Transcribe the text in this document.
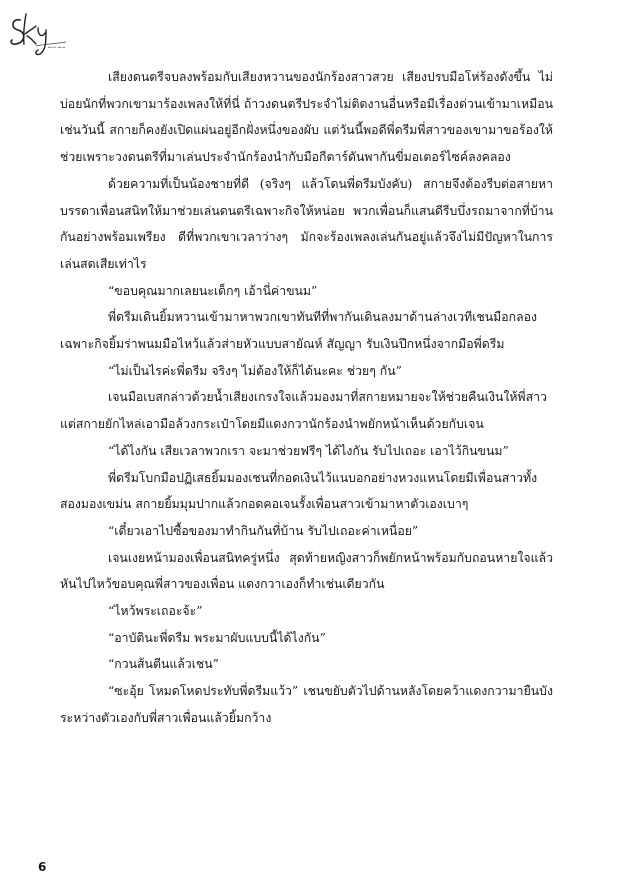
เสียงดนตรีจบลงพร้อมกับเสียงหวานของนักร้องสาวสวย เสียงปรบมือโห่ร้องดังขึ้น ไม่บ่อยนักที่พวกเขามาร้องเพลงให้ที่นี่ ถ้าวงดนตรีประจำไม่ติดงานอื่นหรือมีเรื่องด่วนเข้ามาเหมือนเช่นวันนี้ สกายก็คงยังเปิดแผ่นอยู่อีกฝั่งหนึ่งของผับ แต่วันนี้พอดีพี่ดรีมพี่สาวของเขามาขอร้องให้ช่วยเพราะวงดนตรีที่มาเล่นประจำนักร้องนำกับมือกีตาร์ดันพากันขี่มอเตอร์ไซค์ลงคลอง

ด้วยความที่เป็นน้องชายที่ดี (จริงๆ แล้วโดนพี่ดรีมบังคับ) สกายจึงต้องรีบต่อสายหาบรรดาเพื่อนสนิทให้มาช่วยเล่นดนตรีเฉพาะกิจให้หน่อย พวกเพื่อนก็แสนดีรีบบึ่งรถมาจากที่บ้านกันอย่างพร้อมเพรียง ดีที่พวกเขาเวลาว่างๆ มักจะร้องเพลงเล่นกันอยู่แล้วจึงไม่มีปัญหาในการเล่นสดเสียเท่าไร

“ขอบคุณมากเลยนะเด็กๆ เอ้านี่ค่าขนม”

พี่ดรีมเดินยิ้มหวานเข้ามาหาพวกเขาทันทีที่พากันเดินลงมาด้านล่างเวทีเชนมือกลองเฉพาะกิจยิ้มร่าพนมมือไหว้แล้วส่ายหัวแบบสายัณห์ สัญญา รับเงินปึกหนึ่งจากมือพี่ดรีม

“ไม่เป็นไรค่ะพี่ดรีม จริงๆ ไม่ต้องให้ก็ได้นะคะ ช่วยๆ กัน”

เจนมือเบสกล่าวด้วยน้ำเสียงเกรงใจแล้วมองมาที่สกายหมายจะให้ช่วยคืนเงินให้พี่สาว แต่สกายยักไหล่เอามือล้วงกระเป๋าโดยมีแดงกวานักร้องนำพยักหน้าเห็นด้วยกับเจน

“ได้ไงกัน เสียเวลาพวกเรา จะมาช่วยฟรีๆ ได้ไงกัน รับไปเถอะ เอาไว้กินขนม”

พี่ดรีมโบกมือปฏิเสธยิ้มมองเชนที่กอดเงินไว้แนบอกอย่างหวงแหนโดยมีเพื่อนสาวทั้งสองมองเขม่น สกายยิ้มมุมปากแล้วกอดคอเจนรั้งเพื่อนสาวเข้ามาหาตัวเองเบาๆ

“เดี๋ยวเอาไปซื้อของมาทำกินกันที่บ้าน รับไปเถอะค่าเหนื่อย”

เจนเงยหน้ามองเพื่อนสนิทครู่หนึ่ง สุดท้ายหญิงสาวก็พยักหน้าพร้อมกับถอนหายใจแล้วหันไปไหว้ขอบคุณพี่สาวของเพื่อน แดงกวาเองก็ทำเช่นเดียวกัน

“ไหว้พระเถอะจ้ะ”

“อาบัตินะพี่ดรีม พระมาผับแบบนี้ได้ไงกัน”

“กวนส้นตีนแล้วเชน”

“ซะอุ้ย โหมดโหดประทับพี่ดรีมแว้ว” เชนขยับตัวไปด้านหลังโดยคว้าแดงกวามายืนบังระหว่างตัวเองกับพี่สาวเพื่อนแล้วยิ้มกว้าง

6
